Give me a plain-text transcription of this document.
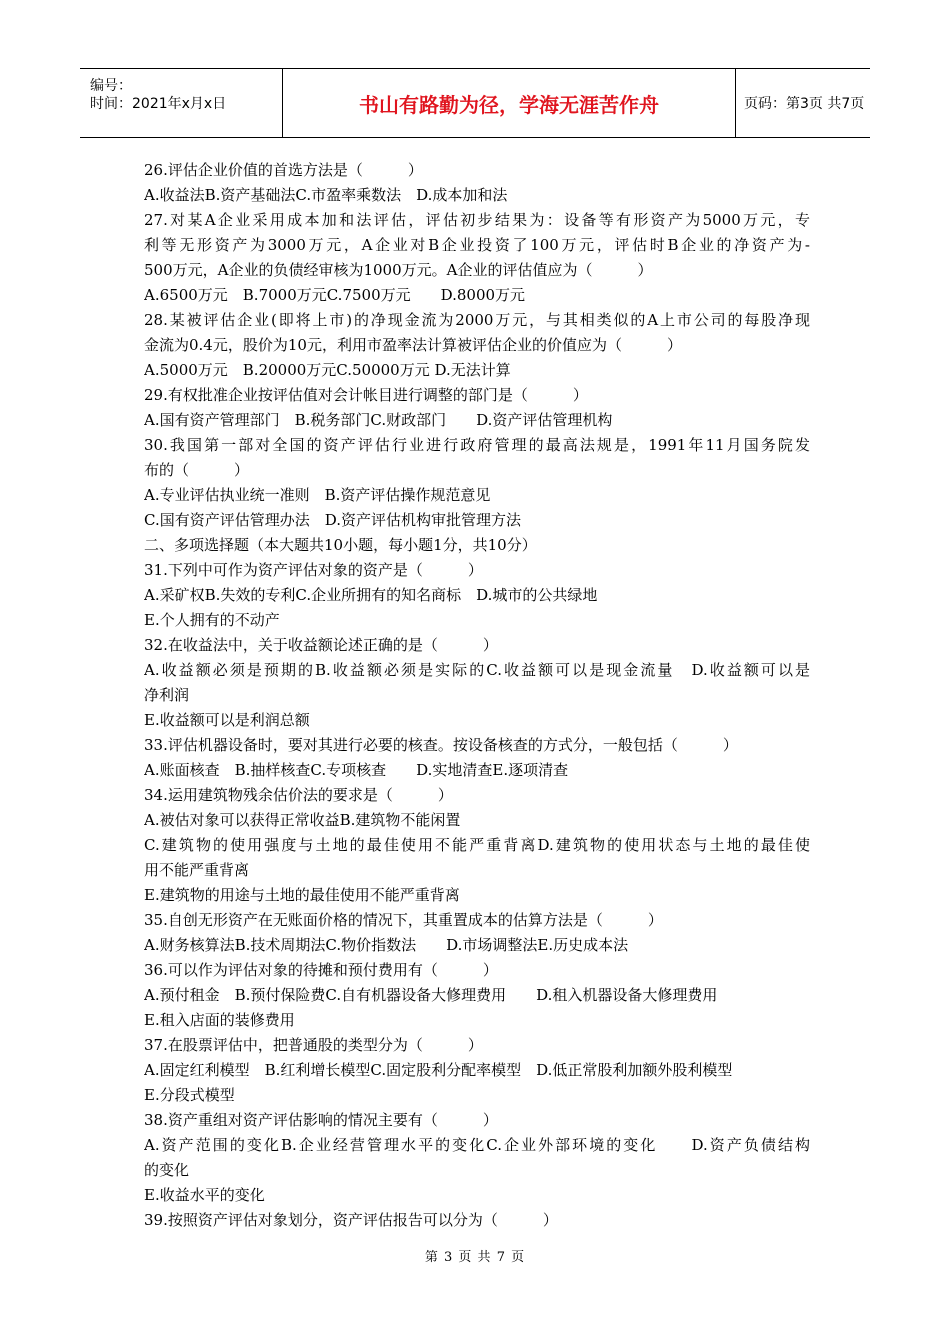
编号：
时间：2021年x月x日	书山有路勤为径，学海无涯苦作舟	页码：第3页 共7页
26.评估企业价值的首选方法是（　　　）
A.收益法B.资产基础法C.市盈率乘数法　D.成本加和法
27.对某A企业采用成本加和法评估，评估初步结果为：设备等有形资产为5000万元，专
利等无形资产为3000万元，A企业对B企业投资了100万元，评估时B企业的净资产为-
500万元，A企业的负债经审核为1000万元。A企业的评估值应为（　　　）
A.6500万元　B.7000万元C.7500万元　　D.8000万元
28.某被评估企业(即将上市)的净现金流为2000万元，与其相类似的A上市公司的每股净现
金流为0.4元，股价为10元，利用市盈率法计算被评估企业的价值应为（　　　）
A.5000万元　B.20000万元C.50000万元 D.无法计算
29.有权批准企业按评估值对会计帐目进行调整的部门是（　　　）
A.国有资产管理部门　B.税务部门C.财政部门　　D.资产评估管理机构
30.我国第一部对全国的资产评估行业进行政府管理的最高法规是，1991年11月国务院发
布的（　　　）
A.专业评估执业统一准则　B.资产评估操作规范意见
C.国有资产评估管理办法　D.资产评估机构审批管理方法
二、多项选择题（本大题共10小题，每小题1分，共10分）
31.下列中可作为资产评估对象的资产是（　　　）
A.采矿权B.失效的专利C.企业所拥有的知名商标　D.城市的公共绿地
E.个人拥有的不动产
32.在收益法中，关于收益额论述正确的是（　　　）
A.收益额必须是预期的B.收益额必须是实际的C.收益额可以是现金流量　D.收益额可以是
净利润
E.收益额可以是利润总额
33.评估机器设备时，要对其进行必要的核查。按设备核查的方式分，一般包括（　　　）
A.账面核查　B.抽样核查C.专项核查　　D.实地清查E.逐项清查
34.运用建筑物残余估价法的要求是（　　　）
A.被估对象可以获得正常收益B.建筑物不能闲置
C.建筑物的使用强度与土地的最佳使用不能严重背离D.建筑物的使用状态与土地的最佳使
用不能严重背离
E.建筑物的用途与土地的最佳使用不能严重背离
35.自创无形资产在无账面价格的情况下，其重置成本的估算方法是（　　　）
A.财务核算法B.技术周期法C.物价指数法　　D.市场调整法E.历史成本法
36.可以作为评估对象的待摊和预付费用有（　　　）
A.预付租金　B.预付保险费C.自有机器设备大修理费用　　D.租入机器设备大修理费用
E.租入店面的装修费用
37.在股票评估中，把普通股的类型分为（　　　）
A.固定红利模型　B.红利增长模型C.固定股利分配率模型　D.低正常股利加额外股利模型
E.分段式模型
38.资产重组对资产评估影响的情况主要有（　　　）
A.资产范围的变化B.企业经营管理水平的变化C.企业外部环境的变化　　D.资产负债结构
的变化
E.收益水平的变化
39.按照资产评估对象划分，资产评估报告可以分为（　　　）
第 3 页 共 7 页
